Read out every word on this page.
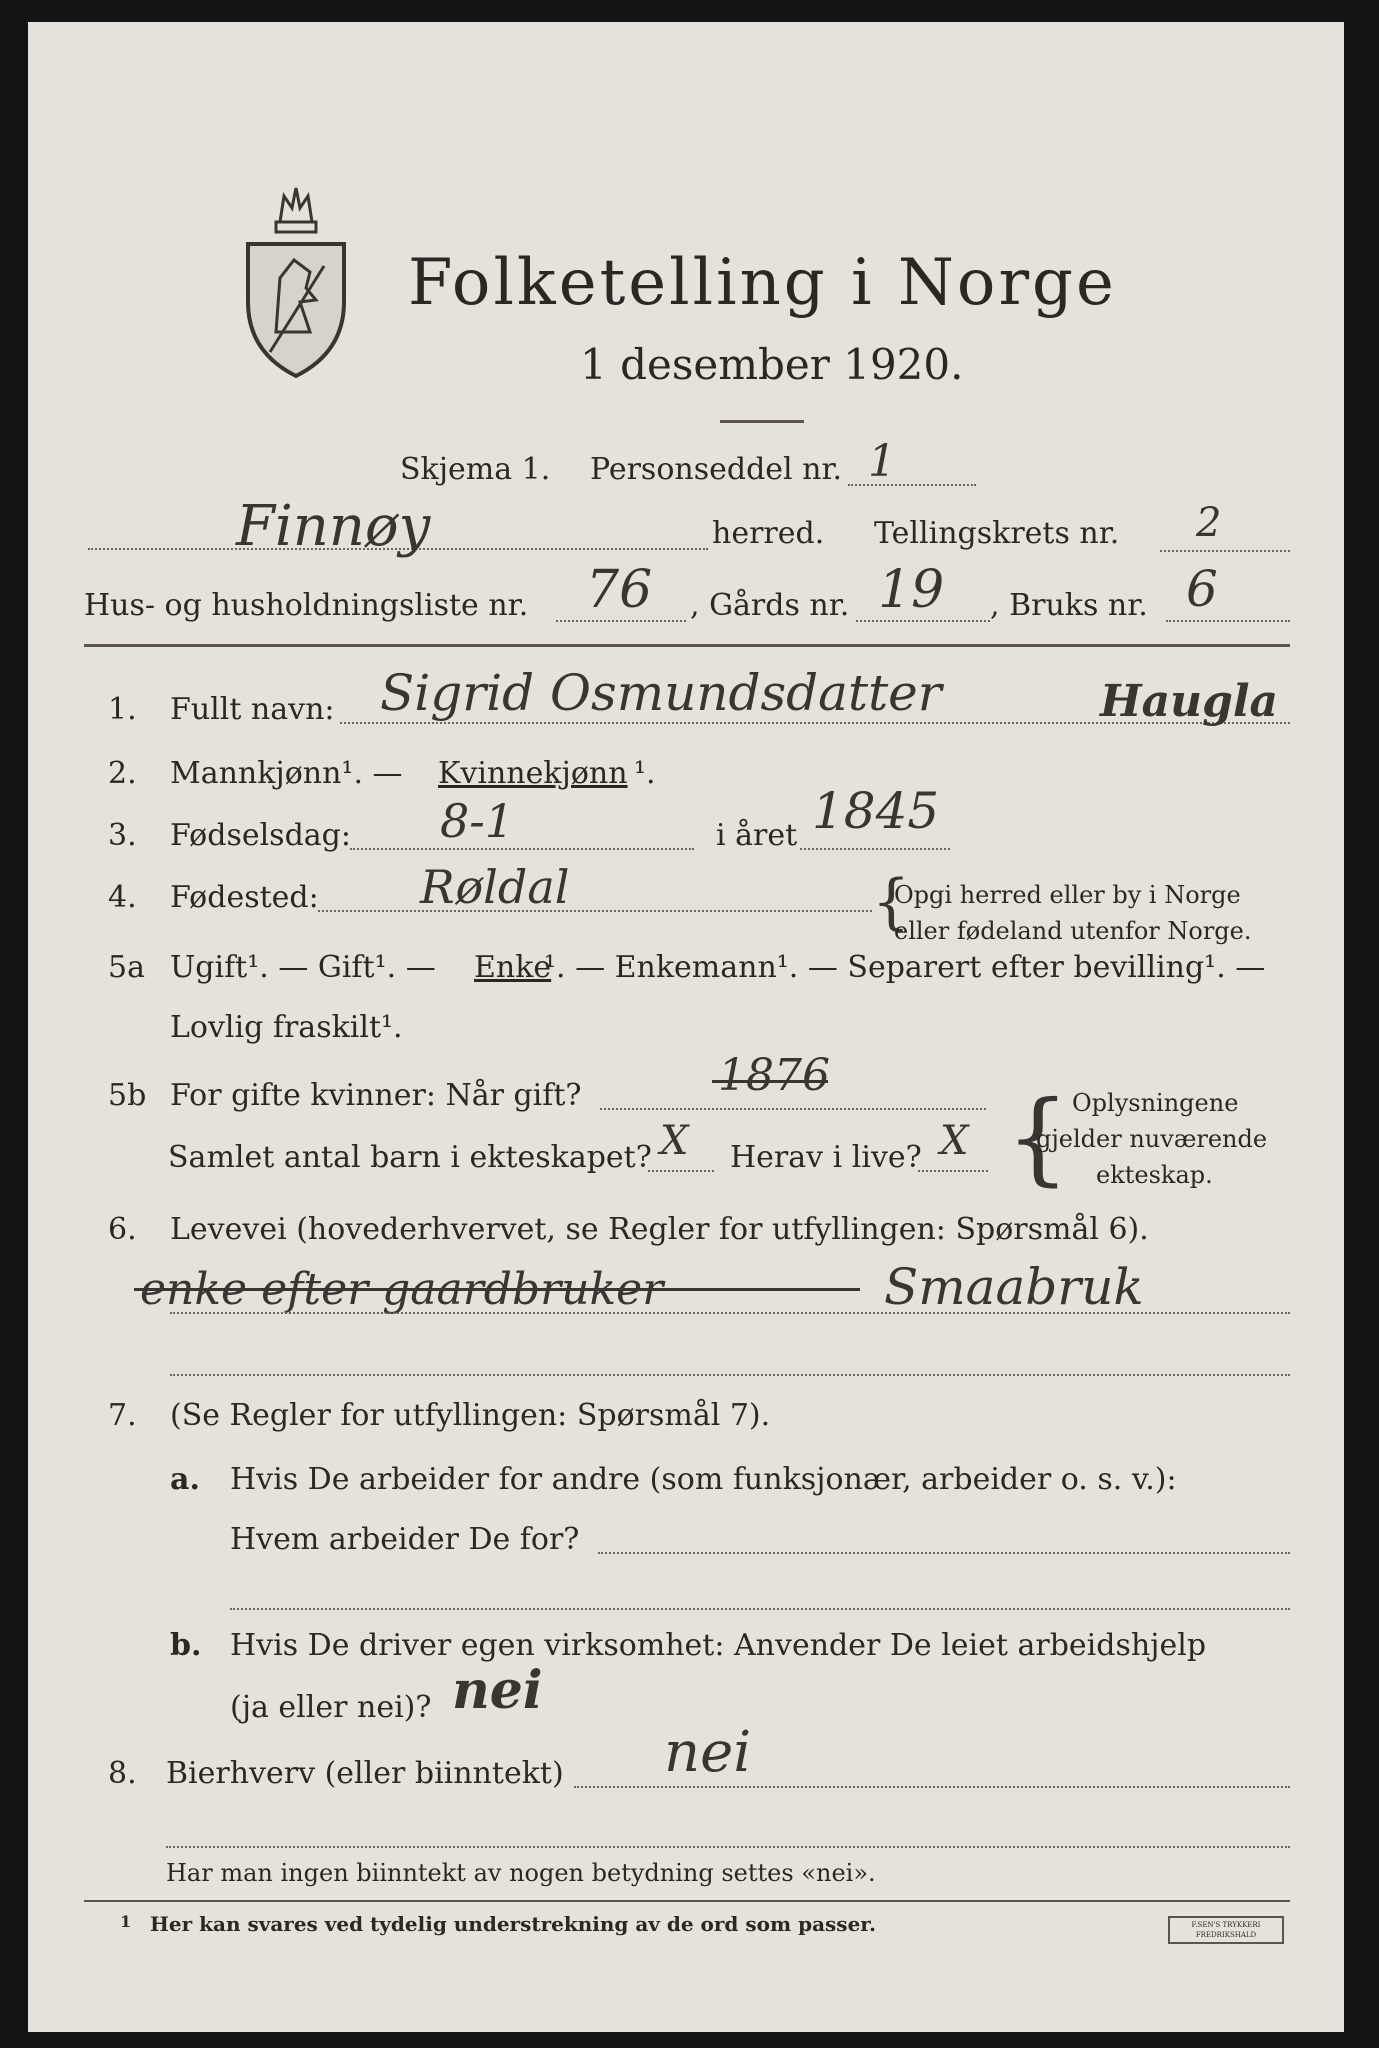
Folketelling i Norge
1 desember 1920.
Skjema 1. Personseddel nr. 1
Finnøy	herred. Tellingskrets nr. 2
Hus- og husholdningsliste nr. 76 , Gårds nr. 19 , Bruks nr. 6
1. Fullt navn: Sigrid Osmundsdatter	Haugla
2. Mannkjønn¹. — Kvinnekjønn ¹.
3. Fødselsdag: 8-1	i året 1845
4. Fødested: Røldal	{
Opgi herred eller by i Norge
eller fødeland utenfor Norge.
5a Ugift¹. — Gift¹. — Enke
¹. — Enkemann¹. — Separert efter bevilling¹. —
Lovlig fraskilt¹.
5b For gifte kvinner: Når gift?	1876
Samlet antal barn i ekteskapet? X Herav i live? X { Oplysningene
gjelder nuværende
ekteskap.
6. Levevei (hovederhvervet, se Regler for utfyllingen: Spørsmål 6).
enke efter gaardbruker	Smaabruk
7. (Se Regler for utfyllingen: Spørsmål 7).
a. Hvis De arbeider for andre (som funksjonær, arbeider o. s. v.):
Hvem arbeider De for?
b. Hvis De driver egen virksomhet: Anvender De leiet arbeidshjelp
(ja eller nei)? nei
8. Bierhverv (eller biinntekt) nei
Har man ingen biinntekt av nogen betydning settes «nei».
1 Her kan svares ved tydelig understrekning av de ord som passer.	F.SEN'S TRYKKERI FREDRIKSHALD
